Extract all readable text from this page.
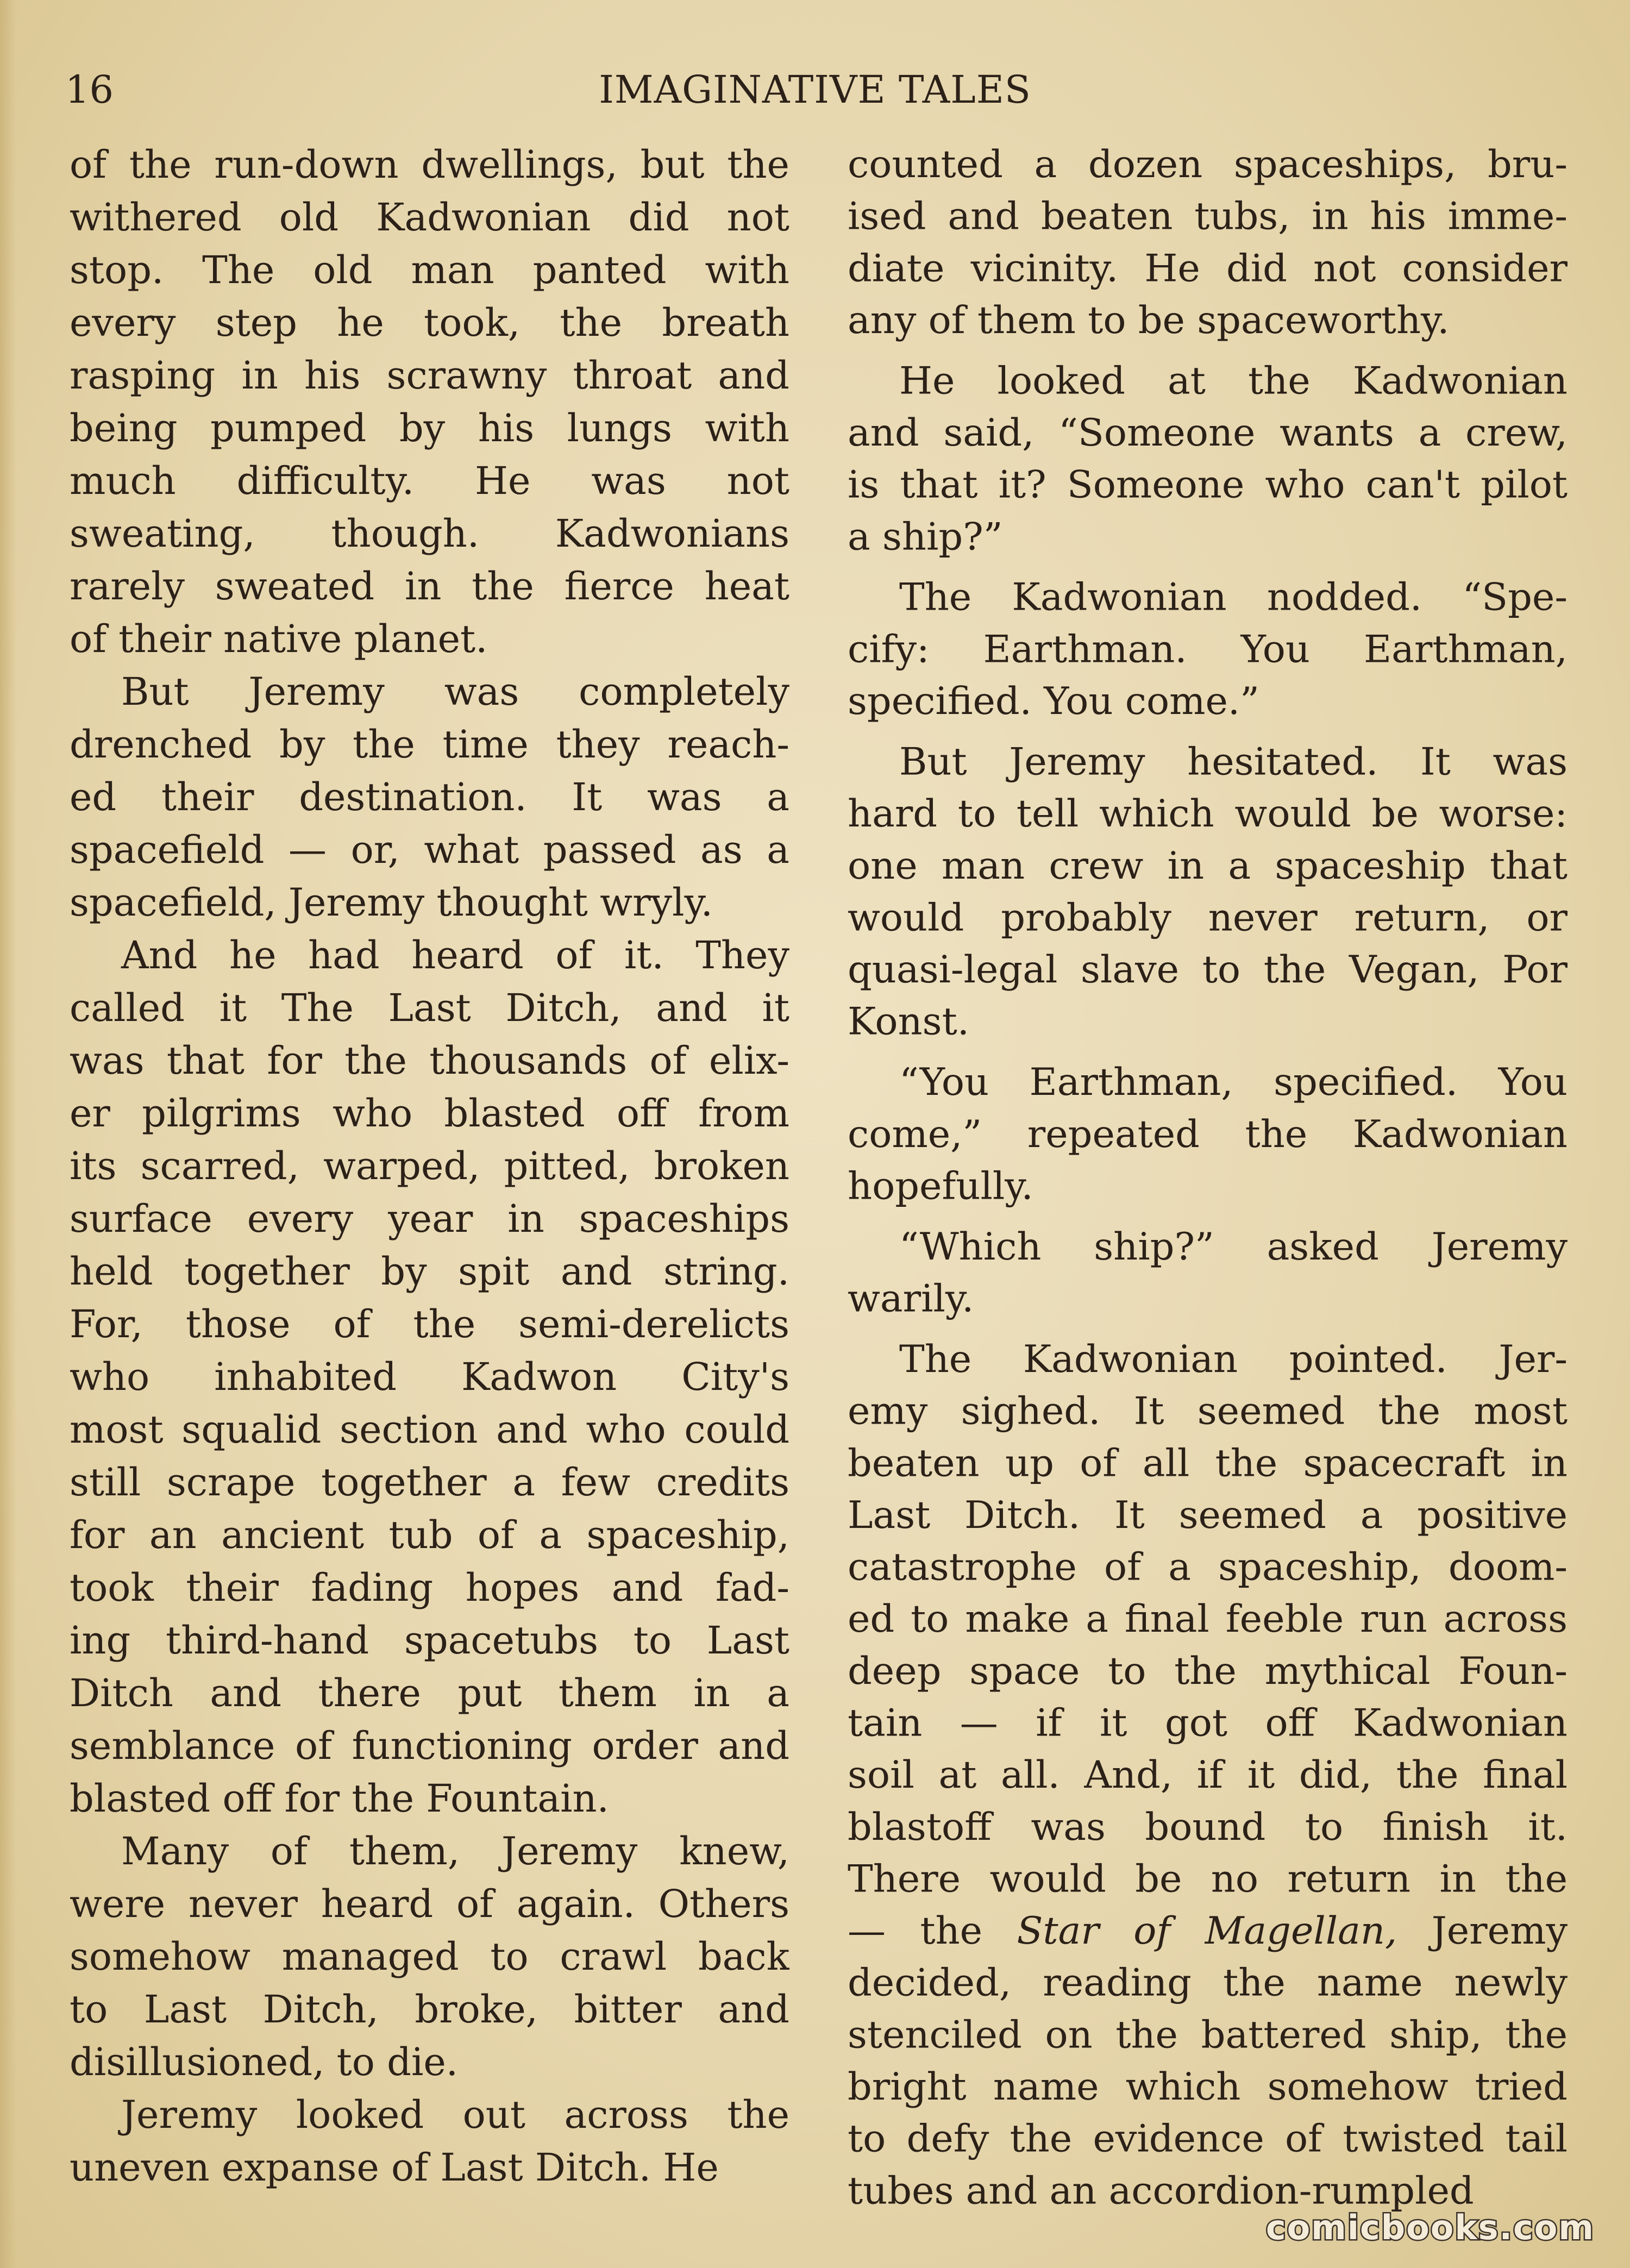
16	IMAGINATIVE TALES
of the run-down dwellings, but the
withered old Kadwonian did not
stop. The old man panted with
every step he took, the breath
rasping in his scrawny throat and
being pumped by his lungs with
much difficulty. He was not
sweating, though. Kadwonians
rarely sweated in the fierce heat
of their native planet.
But Jeremy was completely
drenched by the time they reach-
ed their destination. It was a
spacefield — or, what passed as a
spacefield, Jeremy thought wryly.
And he had heard of it. They
called it The Last Ditch, and it
was that for the thousands of elix-
er pilgrims who blasted off from
its scarred, warped, pitted, broken
surface every year in spaceships
held together by spit and string.
For, those of the semi-derelicts
who inhabited Kadwon City's
most squalid section and who could
still scrape together a few credits
for an ancient tub of a spaceship,
took their fading hopes and fad-
ing third-hand spacetubs to Last
Ditch and there put them in a
semblance of functioning order and
blasted off for the Fountain.
Many of them, Jeremy knew,
were never heard of again. Others
somehow managed to crawl back
to Last Ditch, broke, bitter and
disillusioned, to die.
Jeremy looked out across the
uneven expanse of Last Ditch. He
counted a dozen spaceships, bru-
ised and beaten tubs, in his imme-
diate vicinity. He did not consider
any of them to be spaceworthy.
He looked at the Kadwonian
and said, “Someone wants a crew,
is that it? Someone who can't pilot
a ship?”
The Kadwonian nodded. “Spe-
cify: Earthman. You Earthman,
specified. You come.”
But Jeremy hesitated. It was
hard to tell which would be worse:
one man crew in a spaceship that
would probably never return, or
quasi-legal slave to the Vegan, Por
Konst.
“You Earthman, specified. You
come,” repeated the Kadwonian
hopefully.
“Which ship?” asked Jeremy
warily.
The Kadwonian pointed. Jer-
emy sighed. It seemed the most
beaten up of all the spacecraft in
Last Ditch. It seemed a positive
catastrophe of a spaceship, doom-
ed to make a final feeble run across
deep space to the mythical Foun-
tain — if it got off Kadwonian
soil at all. And, if it did, the final
blastoff was bound to finish it.
There would be no return in the
— the Star of Magellan, Jeremy
decided, reading the name newly
stenciled on the battered ship, the
bright name which somehow tried
to defy the evidence of twisted tail
tubes and an accordion-rumpled
comicbooks.com
